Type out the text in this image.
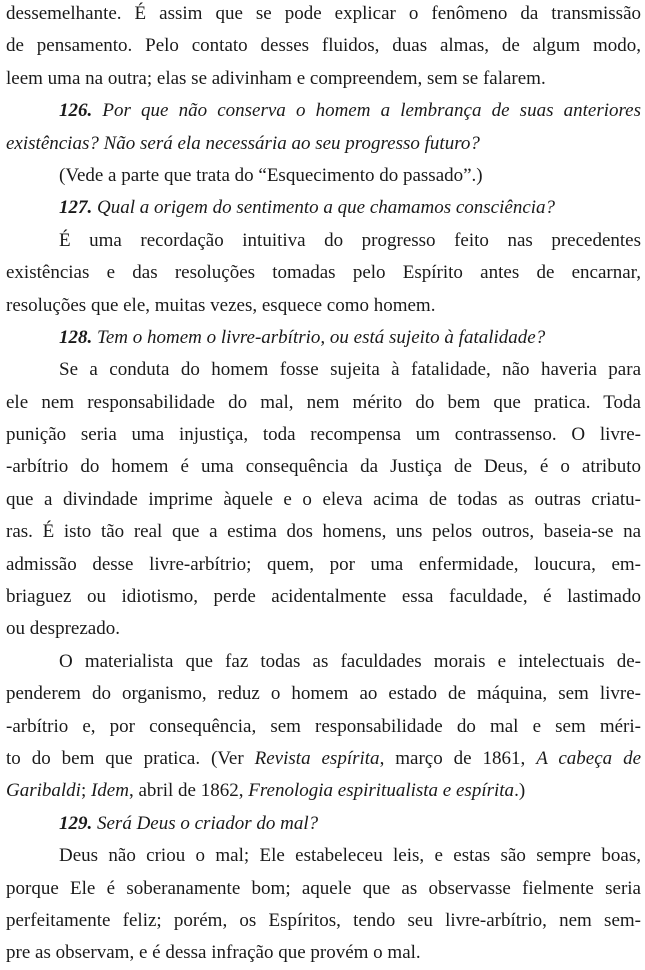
dessemelhante. É assim que se pode explicar o fenômeno da transmissão
de pensamento. Pelo contato desses fluidos, duas almas, de algum modo,
leem uma na outra; elas se adivinham e compreendem, sem se falarem.
126. Por que não conserva o homem a lembrança de suas anteriores
existências? Não será ela necessária ao seu progresso futuro?
(Vede a parte que trata do “Esquecimento do passado”.)
127. Qual a origem do sentimento a que chamamos consciência?
É uma recordação intuitiva do progresso feito nas precedentes
existências e das resoluções tomadas pelo Espírito antes de encarnar,
resoluções que ele, muitas vezes, esquece como homem.
128. Tem o homem o livre-arbítrio, ou está sujeito à fatalidade?
Se a conduta do homem fosse sujeita à fatalidade, não haveria para
ele nem responsabilidade do mal, nem mérito do bem que pratica. Toda
punição seria uma injustiça, toda recompensa um contrassenso. O livre-
-arbítrio do homem é uma consequência da Justiça de Deus, é o atributo
que a divindade imprime àquele e o eleva acima de todas as outras criatu-
ras. É isto tão real que a estima dos homens, uns pelos outros, baseia-se na
admissão desse livre-arbítrio; quem, por uma enfermidade, loucura, em-
briaguez ou idiotismo, perde acidentalmente essa faculdade, é lastimado
ou desprezado.
O materialista que faz todas as faculdades morais e intelectuais de-
penderem do organismo, reduz o homem ao estado de máquina, sem livre-
-arbítrio e, por consequência, sem responsabilidade do mal e sem méri-
to do bem que pratica. (Ver Revista espírita, março de 1861, A cabeça de
Garibaldi; Idem, abril de 1862, Frenologia espiritualista e espírita.)
129. Será Deus o criador do mal?
Deus não criou o mal; Ele estabeleceu leis, e estas são sempre boas,
porque Ele é soberanamente bom; aquele que as observasse fielmente seria
perfeitamente feliz; porém, os Espíritos, tendo seu livre-arbítrio, nem sem-
pre as observam, e é dessa infração que provém o mal.
